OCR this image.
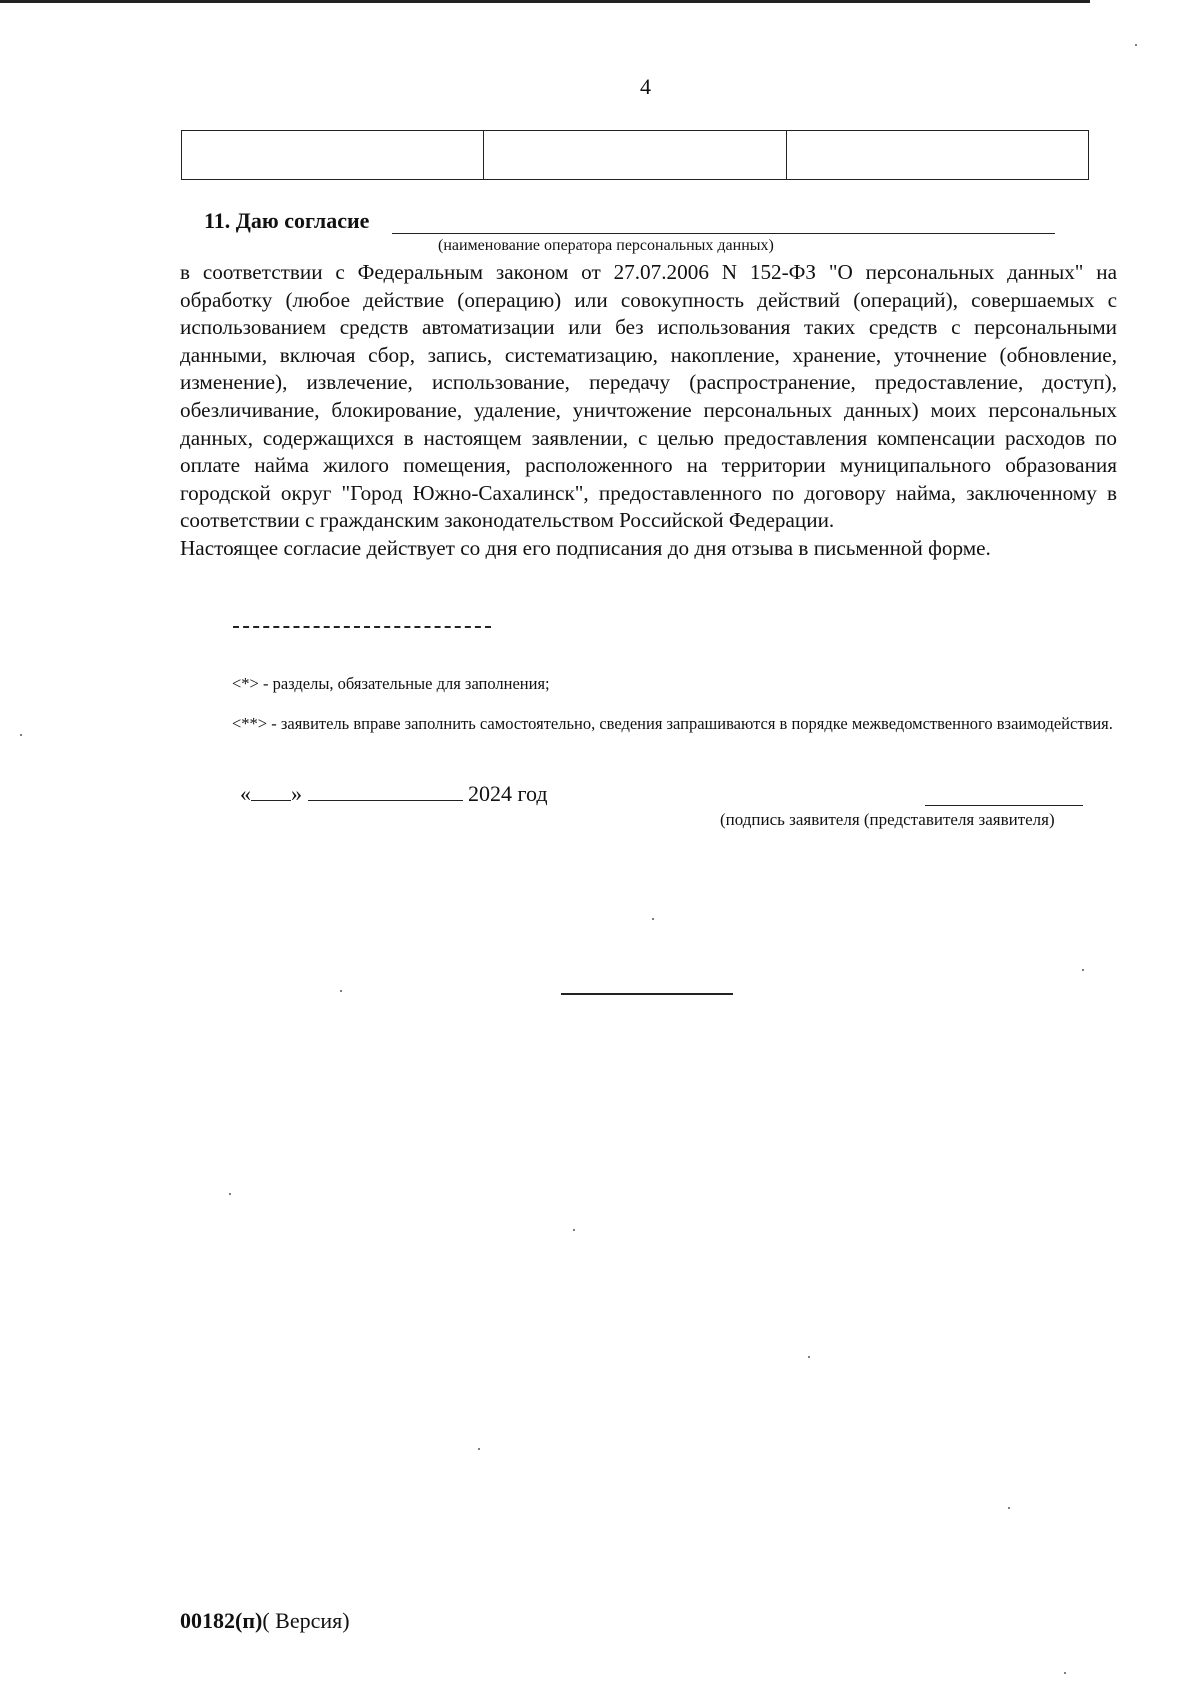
4

11. Даю согласие
(наименование оператора персональных данных)

в соответствии с Федеральным законом от 27.07.2006 N 152-ФЗ "О персональных данных" на обработку (любое действие (операцию) или совокупность действий (операций), совершаемых с использованием средств автоматизации или без использования таких средств с персональными данными, включая сбор, запись, систематизацию, накопление, хранение, уточнение (обновление, изменение), извлечение, использование, передачу (распространение, предоставление, доступ), обезличивание, блокирование, удаление, уничтожение персональных данных) моих персональных данных, содержащихся в настоящем заявлении, с целью предоставления компенсации расходов по оплате найма жилого помещения, расположенного на территории муниципального образования городской округ "Город Южно-Сахалинск", предоставленного по договору найма, заключенному в соответствии с гражданским законодательством Российской Федерации.

Настоящее согласие действует со дня его подписания до дня отзыва в письменной форме.

<*> - разделы, обязательные для заполнения;
<**> - заявитель вправе заполнить самостоятельно, сведения запрашиваются в порядке межведомственного взаимодействия.
« »	2024 год
(подпись заявителя (представителя заявителя)
00182(п)( Версия)
